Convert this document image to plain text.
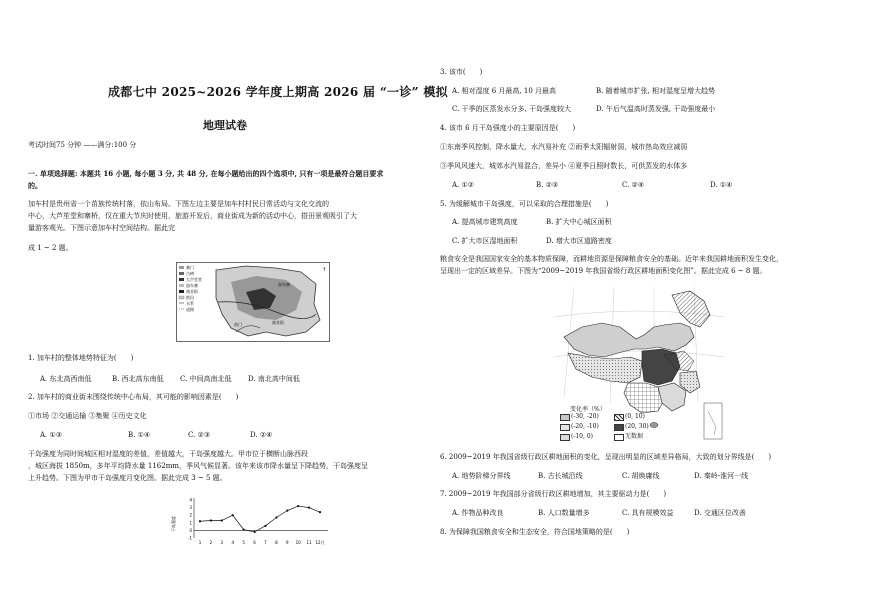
成都七中 2025~2026 学年度上期高 2026 届 “一诊” 模拟
地理试卷
考试时间75 分钟 ——满分:100 分
一. 单项选择题: 本题共 16 小题, 每小题 3 分, 共 48 分, 在每小题给出的四个选项中, 只有一项是最符合题目要求
的。
加车村是贵州省一个苗族传统村落，依山布局。下图左边主要是加车村村民日常活动与文化交流的
中心，大芦笙堂和寨桥，仅在重大节庆时使用，旅游开发后，商业街成为新的活动中心，搭田景观吸引了大
量游客观光。下图示意加车村空间结构。据此完
成 1 ~ 2 题。
寨门
古树
大芦笙堂
加车寨
商业街
搭田
水系
道路
南门
加车寨
商业街
↑
1. 加车村的整体地势特征为(　　)
A. 东北高西南低	B. 西北高东南低 C. 中间高南北低 D. 南北高中间低
2. 加车村的商业街未围绕传统中心布局，其可能的影响因素是(　　)
①市场 ②交通运输 ③集聚 ④历史文化
A. ①③	B. ①④	C. ②③	D. ②④
干岛强度为同时间城区相对湿度的差值，差值越大，干岛强度越大。甲市位于横断山脉西段
，城区海拔 1850m，多年平均降水量 1162mm，季风气候显著。该年来该市降水量呈下降趋势，干岛强度呈
上升趋势。下图为甲市干岛强度月变化图。据此完成 3 ~ 5 题。
干岛强度
4
3
2
1
0
-1
1 2 3 4 5 6 7 8 9 10 11 12月
3. 该市(　　)
A. 相对湿度 6 月最高, 10 月最高	B. 随着城市扩张, 相对湿度呈增大趋势
C. 干季的区蒸发水分多, 干岛强度较大	D. 午后气温高时蒸发强, 干岛强度最小
4. 该市 6 月干岛强度小的主要原因是(　　)
①东南季风控制，降水量大，水汽易补充 ②雨季太阳辐射弱，城市热岛效应减弱
③季风风速大，城郊水汽易混合，差异小 ④夏季日照时数长，可供蒸发的水体多
A. ①②	B. ②③	C. ②④	D. ①④
5. 为缓解城市干岛强度，可以采取的合理措施是(　　)
A. 提高城市建筑高度	B. 扩大中心城区面积
C. 扩大市区湿地面积	D. 增大市区道路密度
粮食安全是我国国家安全的基本物质保障，而耕地资源是保障粮食安全的基础。近年来我国耕地面积发生变化，
呈现出一定的区域差异。下图为“2009~2019 年我国省级行政区耕地面积变化图”。据此完成 6 ~ 8 题。
变化率（%）
(-30, -20)	(0, 10)
(-20, -10)	(20, 30)
(-10, 0)	无数据
6. 2009~2019 年我国省级行政区耕地面积的变化，呈现出明显的区域差异格局，大致的划分界线是(　　)
A. 地势阶梯分界线	B. 古长城沿线	C. 胡焕庸线	D. 秦岭-淮河一线
7. 2009~2019 年我国部分省级行政区耕地增加，其主要驱动力是(　　)
A. 作物品种改良	B. 人口数量增多	C. 具有规模效益	D. 交通区位改善
8. 为保障我国粮食安全和生态安全，符合国地策略的是(　　)
